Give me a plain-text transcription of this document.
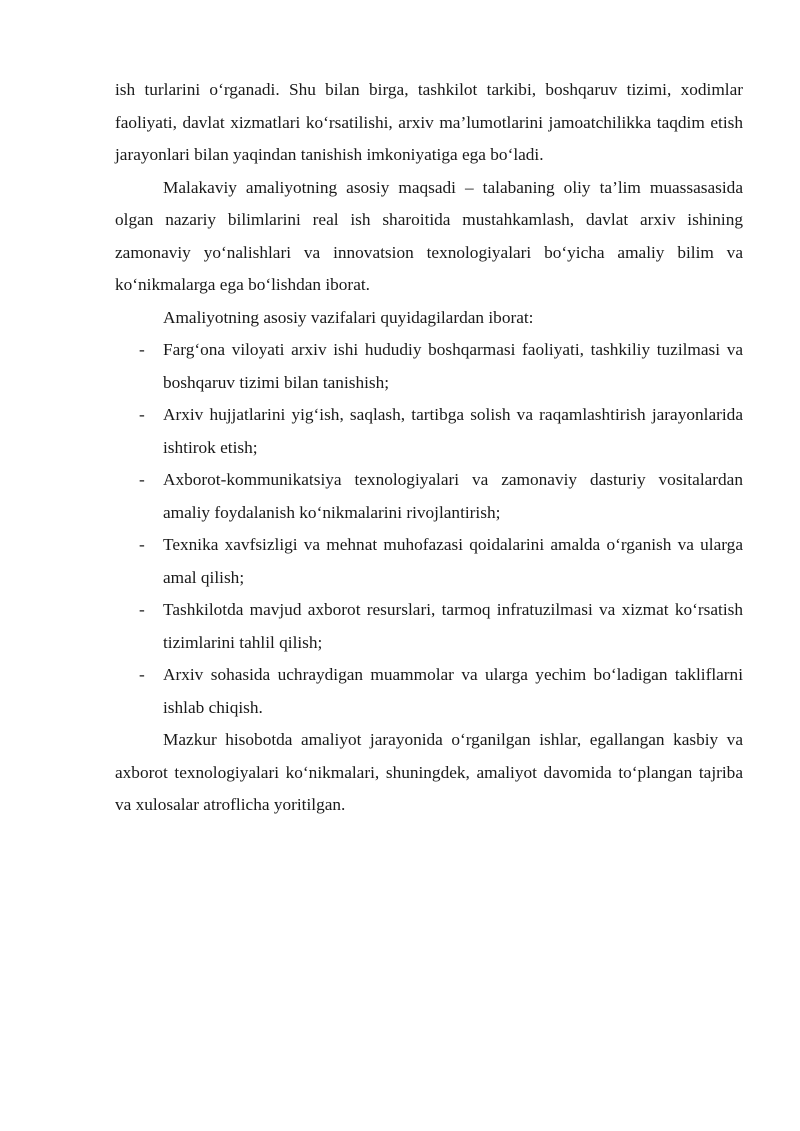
ish turlarini o‘rganadi. Shu bilan birga, tashkilot tarkibi, boshqaruv tizimi, xodimlar faoliyati, davlat xizmatlari ko‘rsatilishi, arxiv ma’lumotlarini jamoatchilikka taqdim etish jarayonlari bilan yaqindan tanishish imkoniyatiga ega bo‘ladi.

Malakaviy amaliyotning asosiy maqsadi – talabaning oliy ta’lim muassasasida olgan nazariy bilimlarini real ish sharoitida mustahkamlash, davlat arxiv ishining zamonaviy yo‘nalishlari va innovatsion texnologiyalari bo‘yicha amaliy bilim va ko‘nikmalarga ega bo‘lishdan iborat.

Amaliyotning asosiy vazifalari quyidagilardan iborat:

- Farg‘ona viloyati arxiv ishi hududiy boshqarmasi faoliyati, tashkiliy tuzilmasi va boshqaruv tizimi bilan tanishish;
- Arxiv hujjatlarini yig‘ish, saqlash, tartibga solish va raqamlashtirish jarayonlarida ishtirok etish;
- Axborot-kommunikatsiya texnologiyalari va zamonaviy dasturiy vositalardan amaliy foydalanish ko‘nikmalarini rivojlantirish;
- Texnika xavfsizligi va mehnat muhofazasi qoidalarini amalda o‘rganish va ularga amal qilish;
- Tashkilotda mavjud axborot resurslari, tarmoq infratuzilmasi va xizmat ko‘rsatish tizimlarini tahlil qilish;
- Arxiv sohasida uchraydigan muammolar va ularga yechim bo‘ladigan takliflarni ishlab chiqish.

Mazkur hisobotda amaliyot jarayonida o‘rganilgan ishlar, egallangan kasbiy va axborot texnologiyalari ko‘nikmalari, shuningdek, amaliyot davomida to‘plangan tajriba va xulosalar atroflicha yoritilgan.
